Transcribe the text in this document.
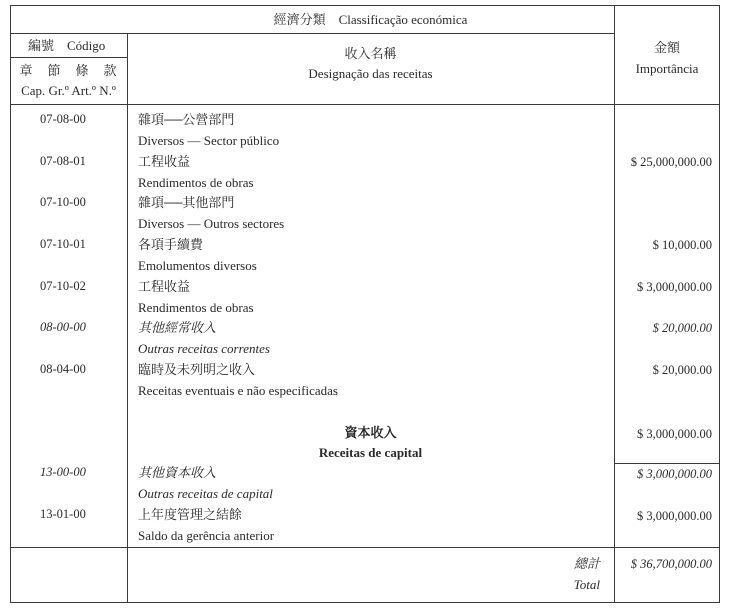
經濟分類　Classificação económica
編號 Código
章　節　條　款
Cap. Gr.º Art.º N.º
收入名稱
Designação das receitas
金額
Importância
07-08-00	雜項──公營部門
Diversos — Sector público
07-08-01	工程收益
Rendimentos de obras
$ 25,000,000.00
07-10-00	雜項──其他部門
Diversos — Outros sectores
07-10-01	各項手續費
Emolumentos diversos
$ 10,000.00
07-10-02	工程收益
Rendimentos de obras
$ 3,000,000.00
08-00-00	其他經常收入
Outras receitas correntes
$ 20,000.00
08-04-00	臨時及未列明之收入
Receitas eventuais e não especificadas
$ 20,000.00
資本收入
Receitas de capital
$ 3,000,000.00
13-00-00	其他資本收入
Outras receitas de capital
$ 3,000,000.00
13-01-00	上年度管理之結餘
Saldo da gerência anterior
$ 3,000,000.00
總計
Total
$ 36,700,000.00
